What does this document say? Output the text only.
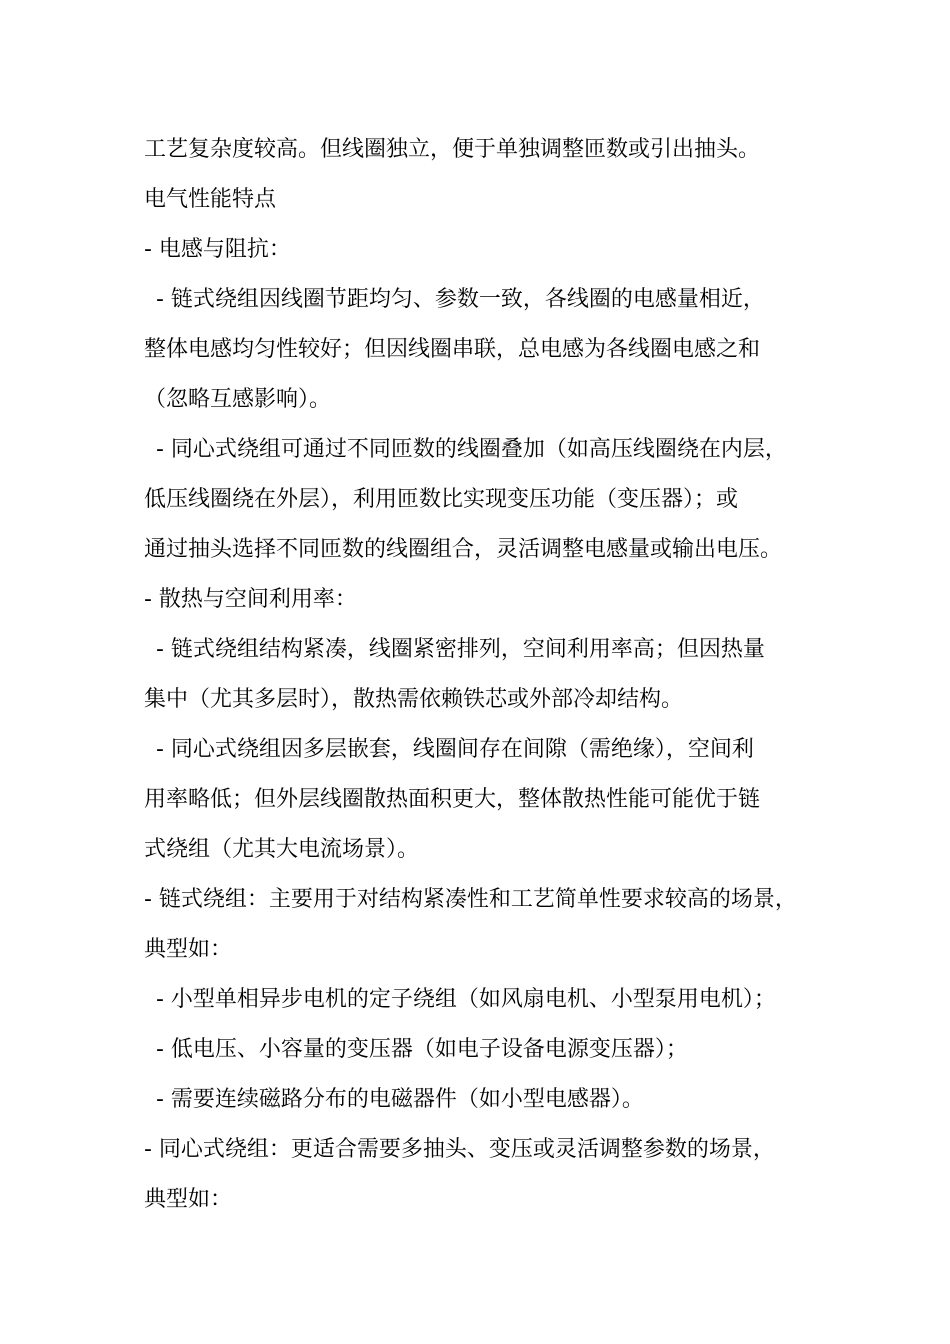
工艺复杂度较高。但线圈独立，便于单独调整匝数或引出抽头。
电气性能特点
- 电感与阻抗：
- 链式绕组因线圈节距均匀、参数一致，各线圈的电感量相近，
整体电感均匀性较好；但因线圈串联，总电感为各线圈电感之和
（忽略互感影响）。
- 同心式绕组可通过不同匝数的线圈叠加（如高压线圈绕在内层，
低压线圈绕在外层），利用匝数比实现变压功能（变压器）；或
通过抽头选择不同匝数的线圈组合，灵活调整电感量或输出电压。
- 散热与空间利用率：
- 链式绕组结构紧凑，线圈紧密排列，空间利用率高；但因热量
集中（尤其多层时），散热需依赖铁芯或外部冷却结构。
- 同心式绕组因多层嵌套，线圈间存在间隙（需绝缘），空间利
用率略低；但外层线圈散热面积更大，整体散热性能可能优于链
式绕组（尤其大电流场景）。
- 链式绕组：主要用于对结构紧凑性和工艺简单性要求较高的场景，
典型如：
- 小型单相异步电机的定子绕组（如风扇电机、小型泵用电机）；
- 低电压、小容量的变压器（如电子设备电源变压器）；
- 需要连续磁路分布的电磁器件（如小型电感器）。
- 同心式绕组：更适合需要多抽头、变压或灵活调整参数的场景，
典型如：
